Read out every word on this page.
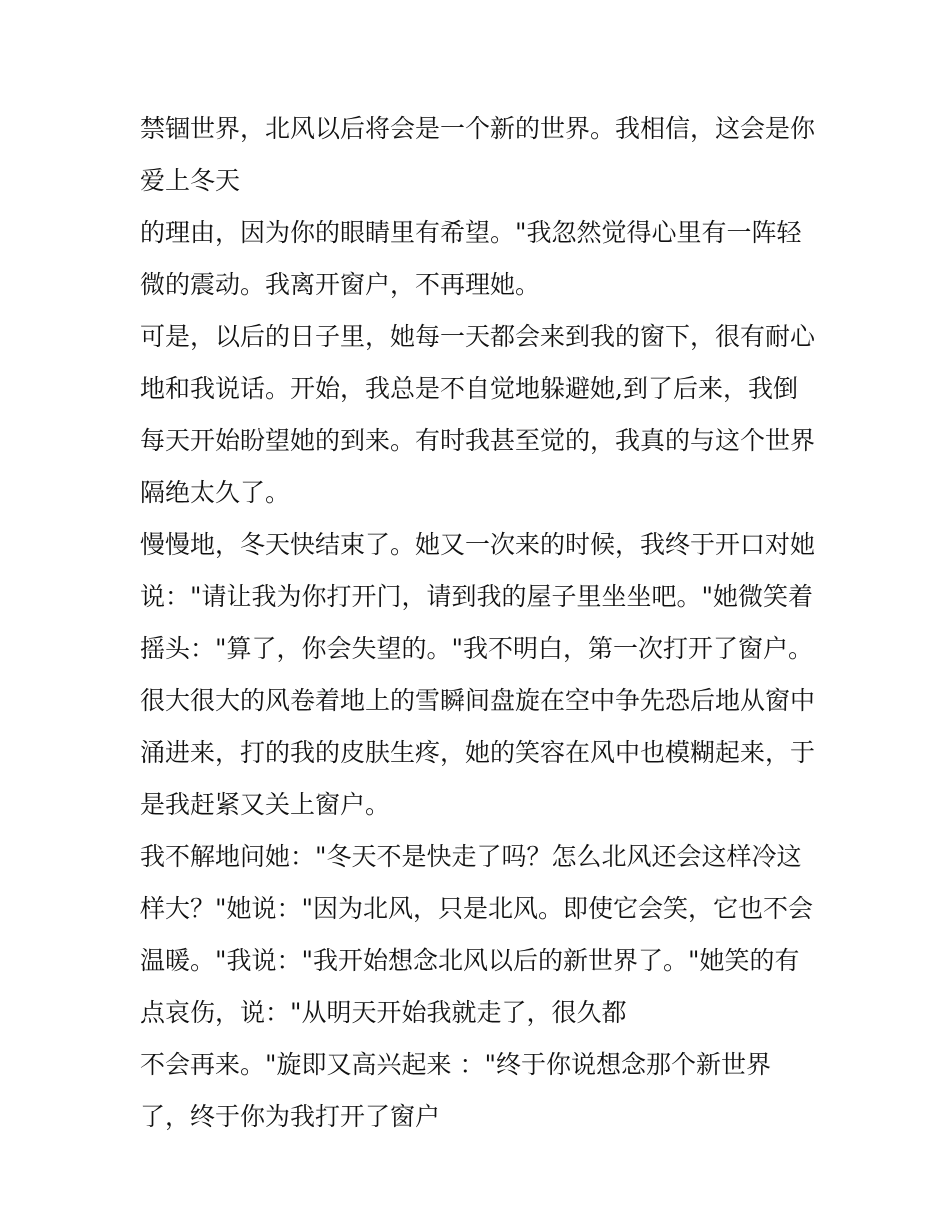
禁锢世界，北风以后将会是一个新的世界。我相信，这会是你
爱上冬天
的理由，因为你的眼睛里有希望。"我忽然觉得心里有一阵轻
微的震动。我离开窗户，不再理她。
可是，以后的日子里，她每一天都会来到我的窗下，很有耐心
地和我说话。开始，我总是不自觉地躲避她,到了后来，我倒
每天开始盼望她的到来。有时我甚至觉的，我真的与这个世界
隔绝太久了。
慢慢地，冬天快结束了。她又一次来的时候，我终于开口对她
说："请让我为你打开门，请到我的屋子里坐坐吧。"她微笑着
摇头："算了，你会失望的。"我不明白，第一次打开了窗户。
很大很大的风卷着地上的雪瞬间盘旋在空中争先恐后地从窗中
涌进来，打的我的皮肤生疼，她的笑容在风中也模糊起来，于
是我赶紧又关上窗户。
我不解地问她："冬天不是快走了吗？怎么北风还会这样冷这
样大？"她说："因为北风，只是北风。即使它会笑，它也不会
温暖。"我说："我开始想念北风以后的新世界了。"她笑的有
点哀伤，说："从明天开始我就走了，很久都
不会再来。"旋即又高兴起来 ："终于你说想念那个新世界
了，终于你为我打开了窗户
